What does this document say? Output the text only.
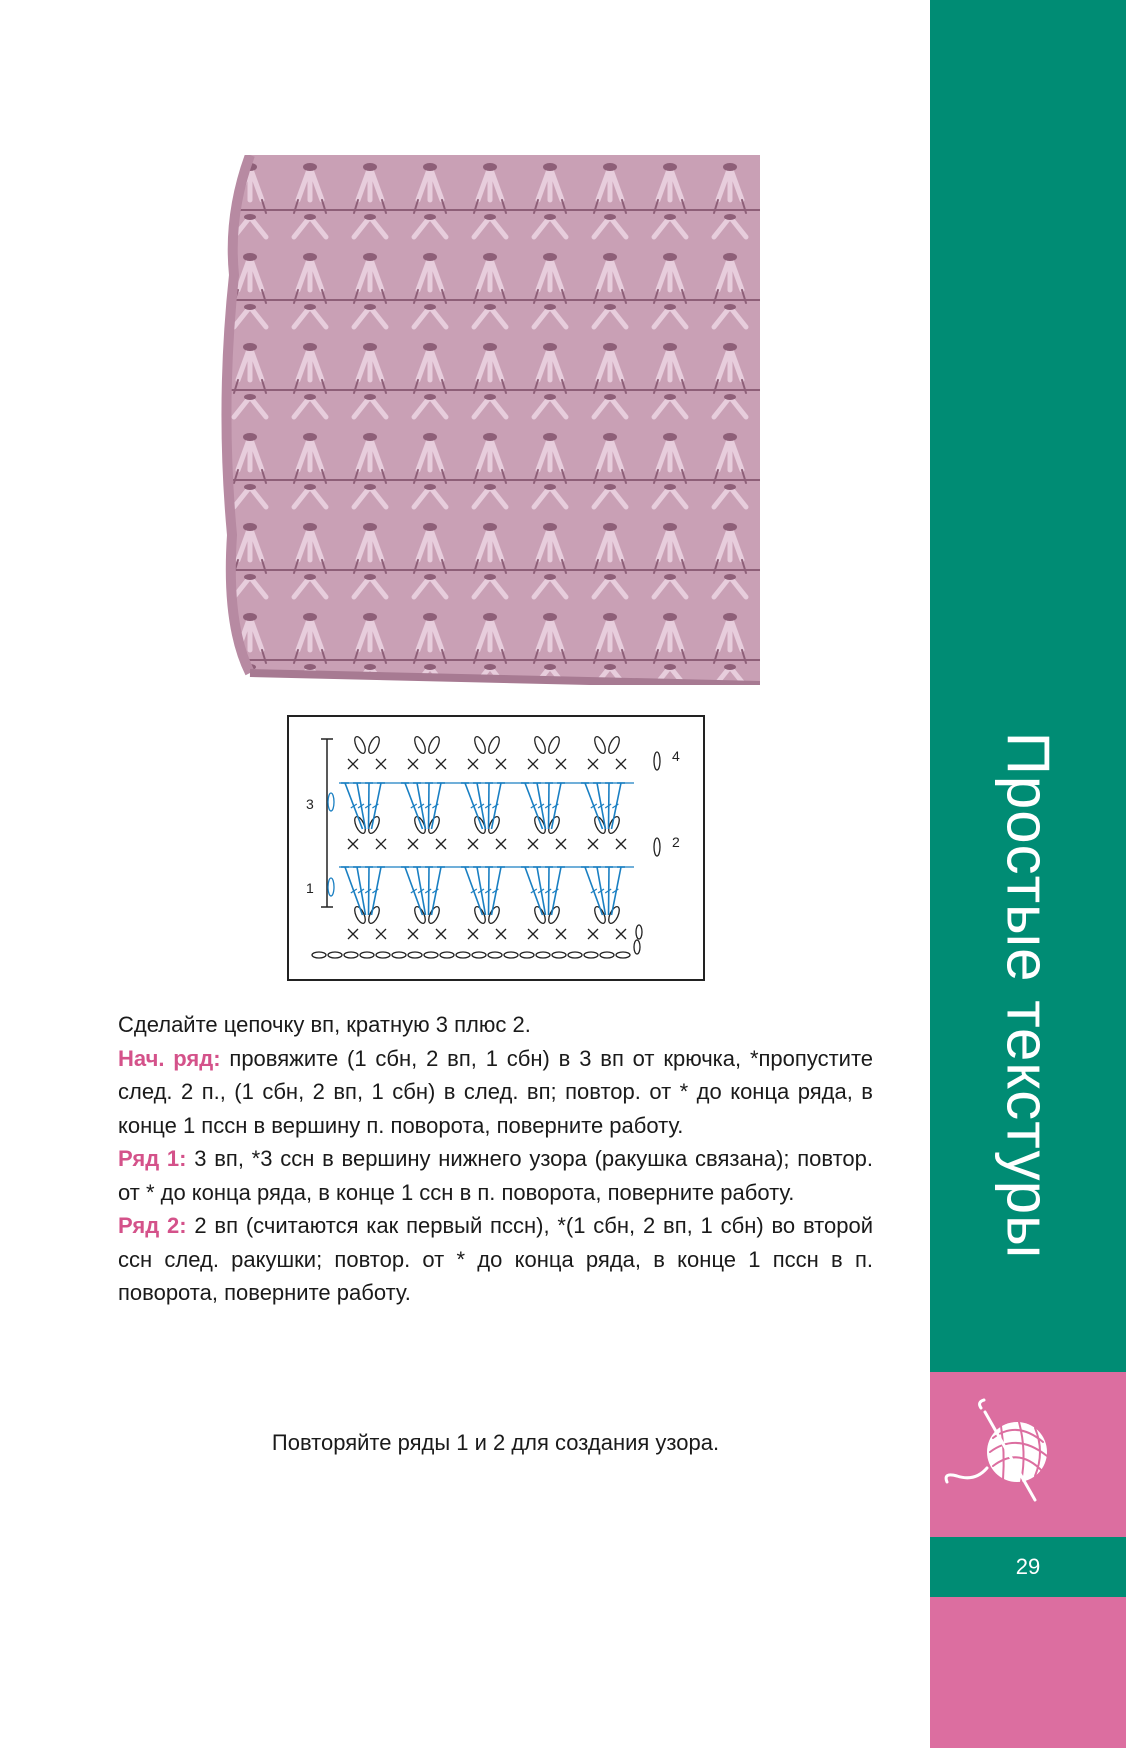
Простые текстуры
29
4
3
2
1

Сделайте цепочку вп, кратную 3 плюс 2.

Нач. ряд: провяжите (1 сбн, 2 вп, 1 сбн) в 3 вп от крючка, *пропустите след. 2 п., (1 сбн, 2 вп, 1 сбн) в след. вп; повтор. от * до конца ряда, в конце 1 пссн в вершину п. поворота, поверните работу.

Ряд 1: 3 вп, *3 ссн в вершину нижнего узора (ракушка связана); повтор. от * до конца ряда, в конце 1 ссн в п. поворота, поверните работу.

Ряд 2: 2 вп (считаются как первый пссн), *(1 сбн, 2 вп, 1 сбн) во второй ссн след. ракушки; повтор. от * до конца ряда, в конце 1 пссн в п. поворота, поверните работу.

Повторяйте ряды 1 и 2 для создания узора.
